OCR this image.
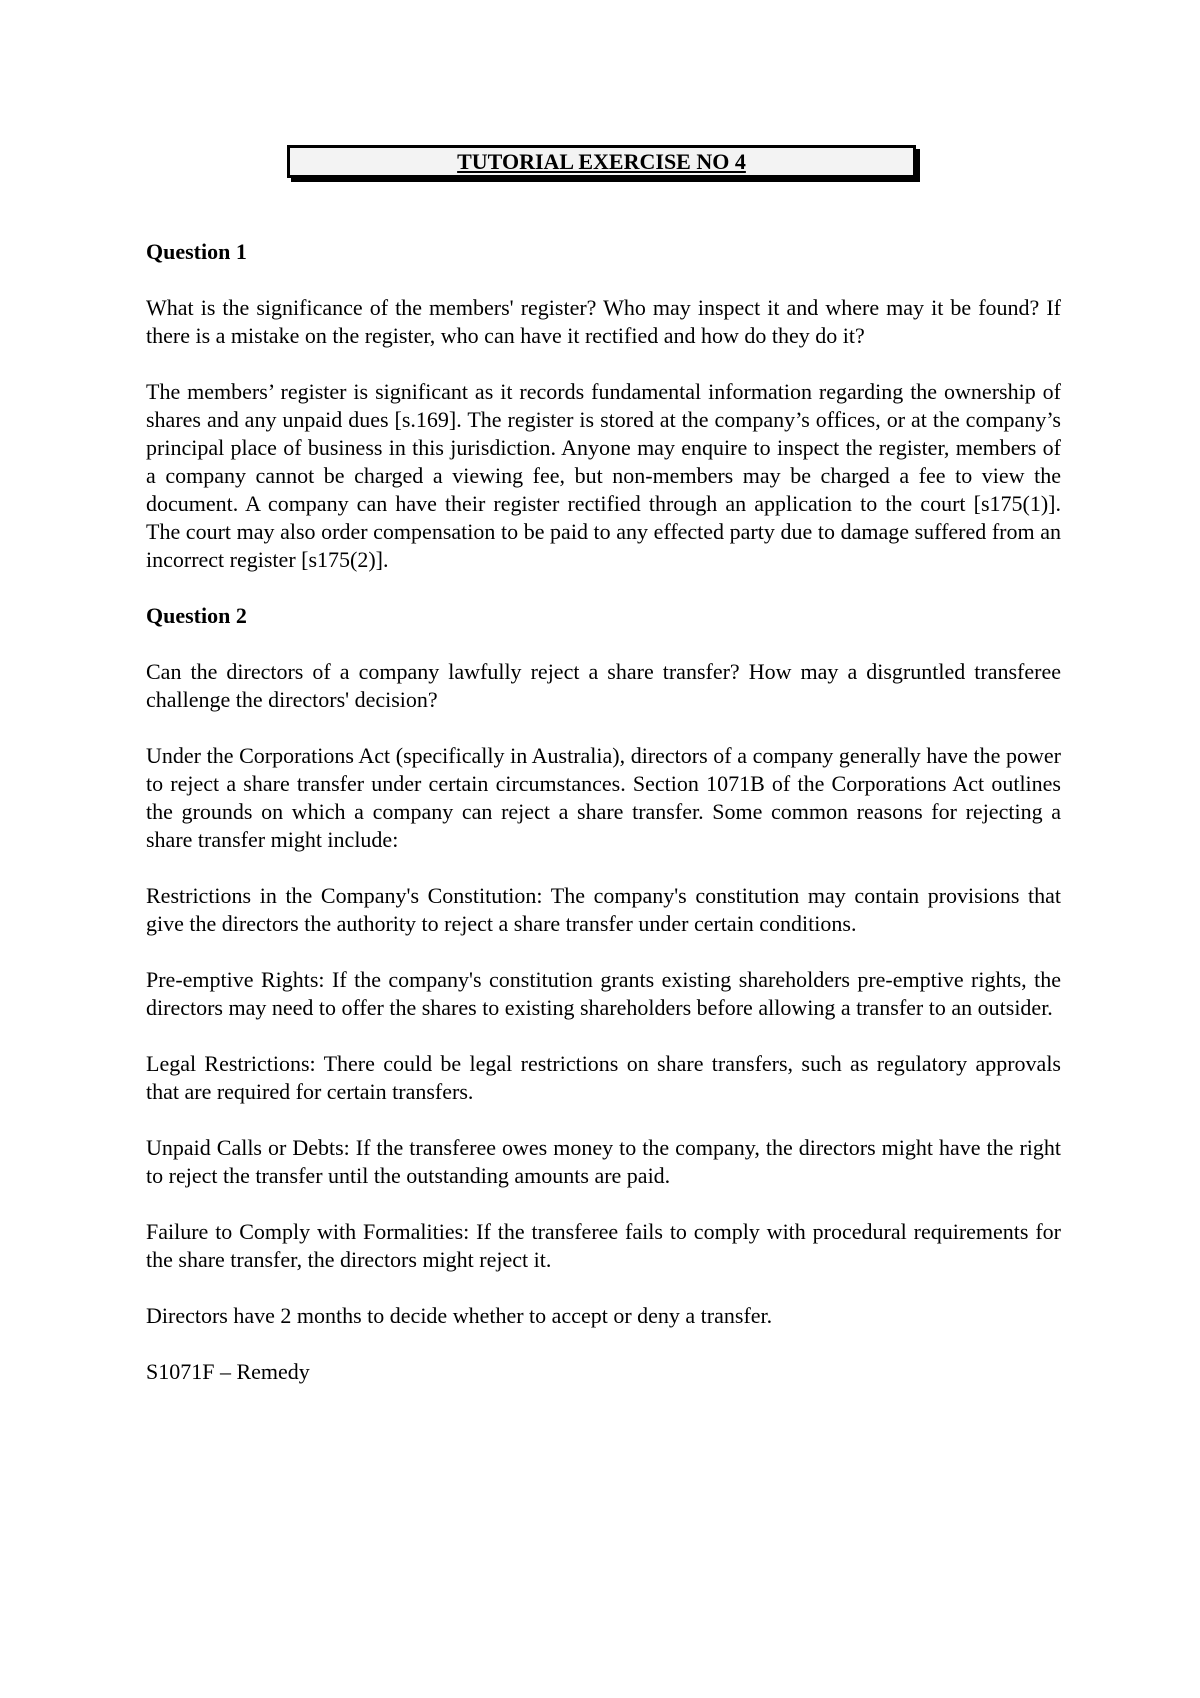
TUTORIAL EXERCISE NO 4
Question 1

What is the significance of the members' register? Who may inspect it and where may it be found? If there is a mistake on the register, who can have it rectified and how do they do it?

The members’ register is significant as it records fundamental information regarding the ownership of shares and any unpaid dues [s.169]. The register is stored at the company’s offices, or at the company’s principal place of business in this jurisdiction. Anyone may enquire to inspect the register, members of a company cannot be charged a viewing fee, but non-members may be charged a fee to view the document. A company can have their register rectified through an application to the court [s175(1)]. The court may also order compensation to be paid to any effected party due to damage suffered from an incorrect register [s175(2)].

Question 2

Can the directors of a company lawfully reject a share transfer? How may a disgruntled transferee challenge the directors' decision?

Under the Corporations Act (specifically in Australia), directors of a company generally have the power to reject a share transfer under certain circumstances. Section 1071B of the Corporations Act outlines the grounds on which a company can reject a share transfer. Some common reasons for rejecting a share transfer might include:

Restrictions in the Company's Constitution: The company's constitution may contain provisions that give the directors the authority to reject a share transfer under certain conditions.

Pre-emptive Rights: If the company's constitution grants existing shareholders pre-emptive rights, the directors may need to offer the shares to existing shareholders before allowing a transfer to an outsider.

Legal Restrictions: There could be legal restrictions on share transfers, such as regulatory approvals that are required for certain transfers.

Unpaid Calls or Debts: If the transferee owes money to the company, the directors might have the right to reject the transfer until the outstanding amounts are paid.

Failure to Comply with Formalities: If the transferee fails to comply with procedural requirements for the share transfer, the directors might reject it.

Directors have 2 months to decide whether to accept or deny a transfer.

S1071F – Remedy
